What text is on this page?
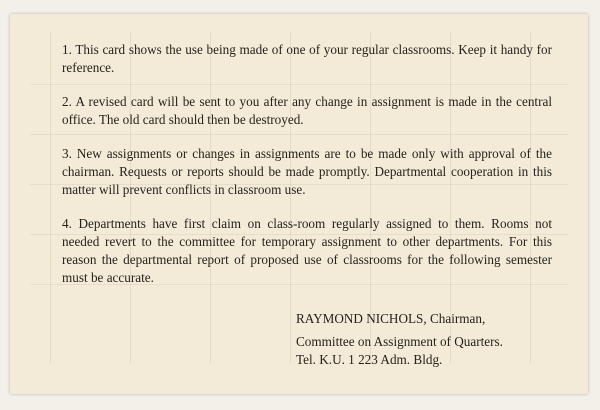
1. This card shows the use being made of one of your regular classrooms. Keep it handy for reference.

2. A revised card will be sent to you after any change in assignment is made in the central office. The old card should then be destroyed.

3. New assignments or changes in assignments are to be made only with approval of the chairman. Requests or reports should be made promptly. Departmental cooperation in this matter will prevent conflicts in classroom use.

4. Departments have first claim on class-room regularly assigned to them. Rooms not needed revert to the committee for temporary assignment to other departments. For this reason the departmental report of proposed use of classrooms for the following semester must be accurate.

RAYMOND NICHOLS, Chairman,
Committee on Assignment of Quarters.
Tel. K.U. 1 223 Adm. Bldg.
